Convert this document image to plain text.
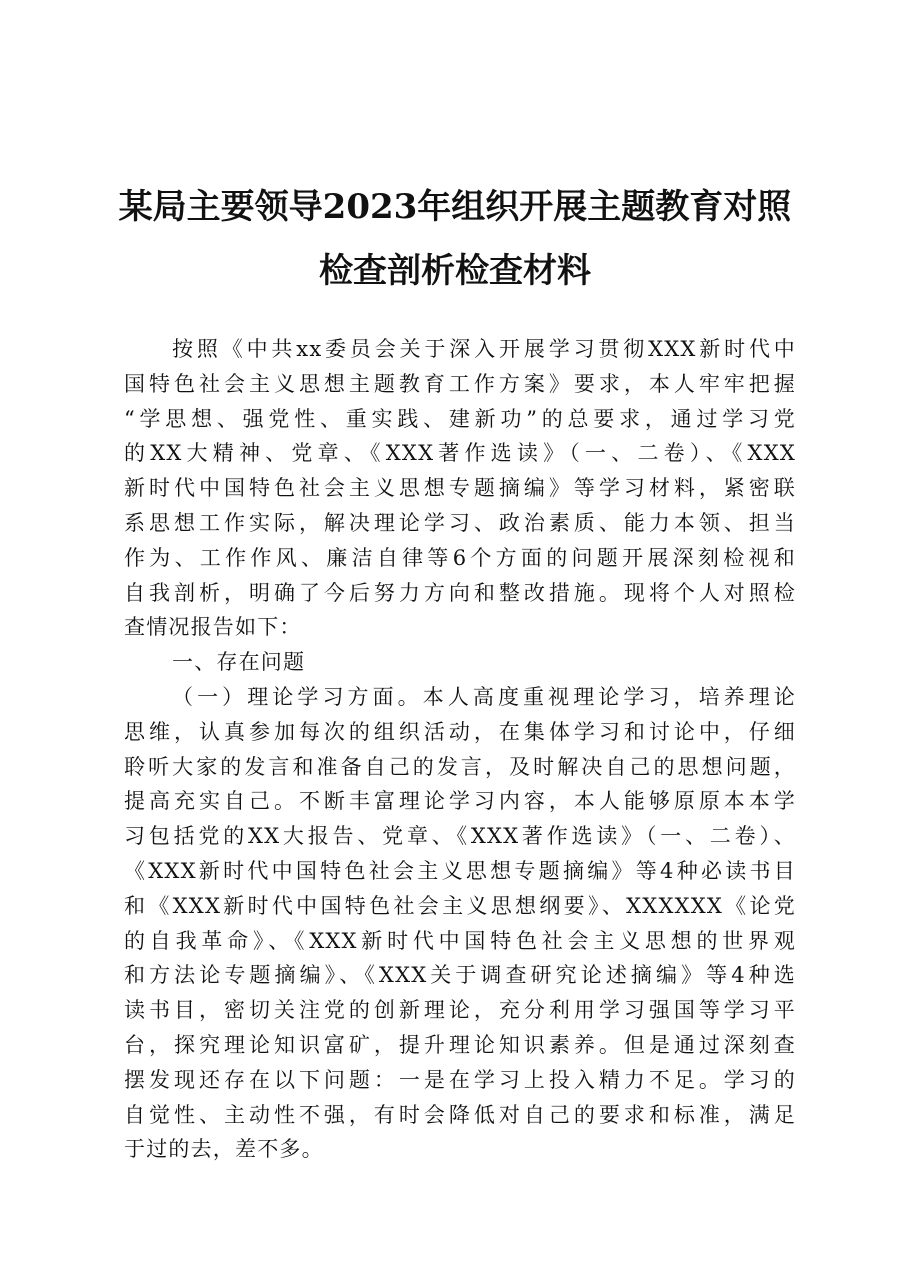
某局主要领导2023年组织开展主题教育对照
检查剖析检查材料
按照《中共xx委员会关于深入开展学习贯彻XXX新时代中
国特色社会主义思想主题教育工作方案》要求，本人牢牢把握
“学思想、强党性、重实践、建新功”的总要求，通过学习党
的XX大精神、党章、《XXX著作选读》（一、二卷）、《XXX
新时代中国特色社会主义思想专题摘编》等学习材料，紧密联
系思想工作实际，解决理论学习、政治素质、能力本领、担当
作为、工作作风、廉洁自律等6个方面的问题开展深刻检视和
自我剖析，明确了今后努力方向和整改措施。现将个人对照检
查情况报告如下：
一、存在问题
（一）理论学习方面。本人高度重视理论学习，培养理论
思维，认真参加每次的组织活动，在集体学习和讨论中，仔细
聆听大家的发言和准备自己的发言，及时解决自己的思想问题，
提高充实自己。不断丰富理论学习内容，本人能够原原本本学
习包括党的XX大报告、党章、《XXX著作选读》（一、二卷）、
《XXX新时代中国特色社会主义思想专题摘编》等4种必读书目
和《XXX新时代中国特色社会主义思想纲要》、XXXXXX《论党
的自我革命》、《XXX新时代中国特色社会主义思想的世界观
和方法论专题摘编》、《XXX关于调查研究论述摘编》等4种选
读书目，密切关注党的创新理论，充分利用学习强国等学习平
台，探究理论知识富矿，提升理论知识素养。但是通过深刻查
摆发现还存在以下问题：一是在学习上投入精力不足。学习的
自觉性、主动性不强，有时会降低对自己的要求和标准，满足
于过的去，差不多。
